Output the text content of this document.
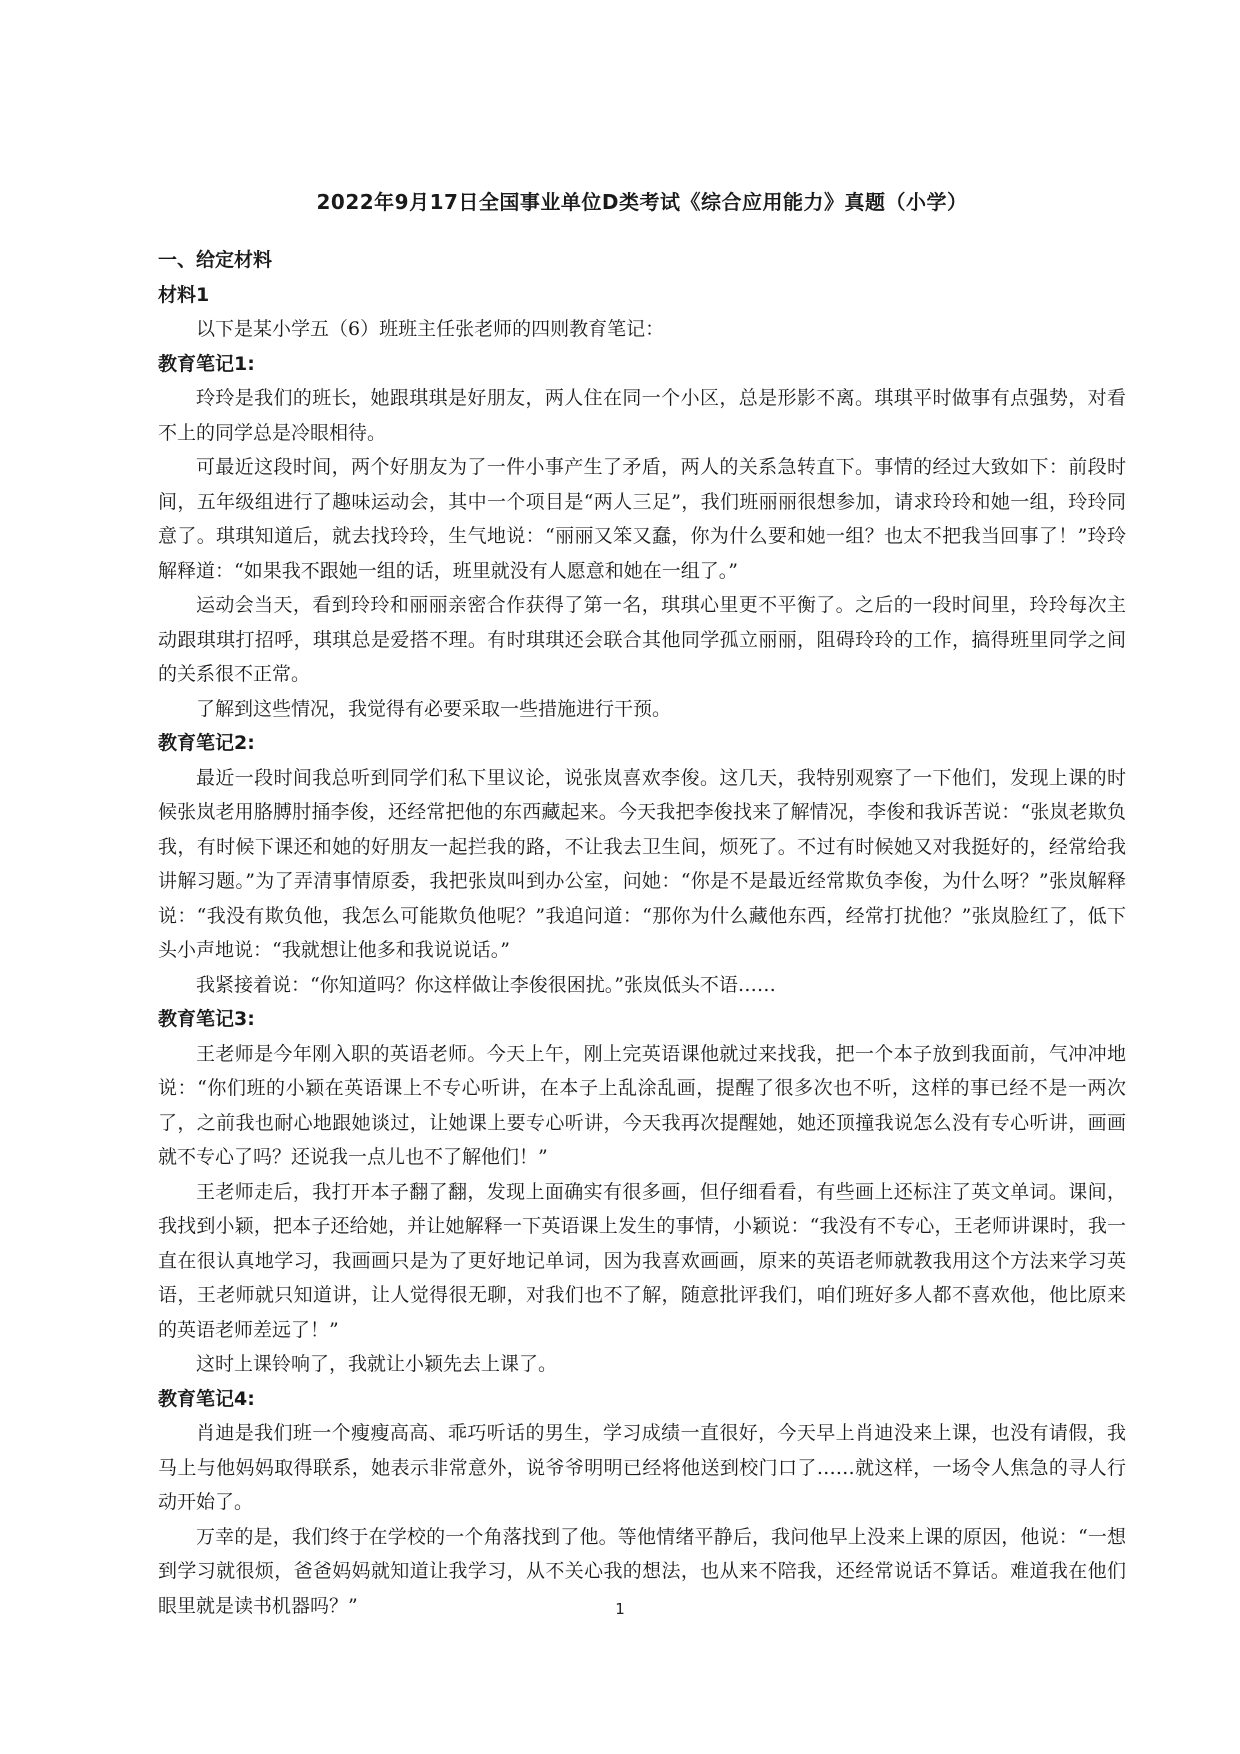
2022年9月17日全国事业单位D类考试《综合应用能力》真题（小学）

一、给定材料

材料1

以下是某小学五（6）班班主任张老师的四则教育笔记：

教育笔记1:

玲玲是我们的班长，她跟琪琪是好朋友，两人住在同一个小区，总是形影不离。琪琪平时做事有点强势，对看不上的同学总是冷眼相待。

可最近这段时间，两个好朋友为了一件小事产生了矛盾，两人的关系急转直下。事情的经过大致如下：前段时间，五年级组进行了趣味运动会，其中一个项目是“两人三足”，我们班丽丽很想参加，请求玲玲和她一组，玲玲同意了。琪琪知道后，就去找玲玲，生气地说：“丽丽又笨又蠢，你为什么要和她一组？也太不把我当回事了！”玲玲解释道：“如果我不跟她一组的话，班里就没有人愿意和她在一组了。”

运动会当天，看到玲玲和丽丽亲密合作获得了第一名，琪琪心里更不平衡了。之后的一段时间里，玲玲每次主动跟琪琪打招呼，琪琪总是爱搭不理。有时琪琪还会联合其他同学孤立丽丽，阻碍玲玲的工作，搞得班里同学之间的关系很不正常。

了解到这些情况，我觉得有必要采取一些措施进行干预。

教育笔记2:

最近一段时间我总听到同学们私下里议论，说张岚喜欢李俊。这几天，我特别观察了一下他们，发现上课的时候张岚老用胳膊肘捅李俊，还经常把他的东西藏起来。今天我把李俊找来了解情况，李俊和我诉苦说：“张岚老欺负我，有时候下课还和她的好朋友一起拦我的路，不让我去卫生间，烦死了。不过有时候她又对我挺好的，经常给我讲解习题。”为了弄清事情原委，我把张岚叫到办公室，问她：“你是不是最近经常欺负李俊，为什么呀？”张岚解释说：“我没有欺负他，我怎么可能欺负他呢？”我追问道：“那你为什么藏他东西，经常打扰他？”张岚脸红了，低下头小声地说：“我就想让他多和我说说话。”

我紧接着说：“你知道吗？你这样做让李俊很困扰。”张岚低头不语……

教育笔记3:

王老师是今年刚入职的英语老师。今天上午，刚上完英语课他就过来找我，把一个本子放到我面前，气冲冲地说：“你们班的小颖在英语课上不专心听讲，在本子上乱涂乱画，提醒了很多次也不听，这样的事已经不是一两次了，之前我也耐心地跟她谈过，让她课上要专心听讲，今天我再次提醒她，她还顶撞我说怎么没有专心听讲，画画就不专心了吗？还说我一点儿也不了解他们！”

王老师走后，我打开本子翻了翻，发现上面确实有很多画，但仔细看看，有些画上还标注了英文单词。课间，我找到小颖，把本子还给她，并让她解释一下英语课上发生的事情，小颖说：“我没有不专心，王老师讲课时，我一直在很认真地学习，我画画只是为了更好地记单词，因为我喜欢画画，原来的英语老师就教我用这个方法来学习英语，王老师就只知道讲，让人觉得很无聊，对我们也不了解，随意批评我们，咱们班好多人都不喜欢他，他比原来的英语老师差远了！”

这时上课铃响了，我就让小颖先去上课了。

教育笔记4:

肖迪是我们班一个瘦瘦高高、乖巧听话的男生，学习成绩一直很好，今天早上肖迪没来上课，也没有请假，我马上与他妈妈取得联系，她表示非常意外，说爷爷明明已经将他送到校门口了……就这样，一场令人焦急的寻人行动开始了。

万幸的是，我们终于在学校的一个角落找到了他。等他情绪平静后，我问他早上没来上课的原因，他说：“一想到学习就很烦，爸爸妈妈就知道让我学习，从不关心我的想法，也从来不陪我，还经常说话不算话。难道我在他们眼里就是读书机器吗？”	1
